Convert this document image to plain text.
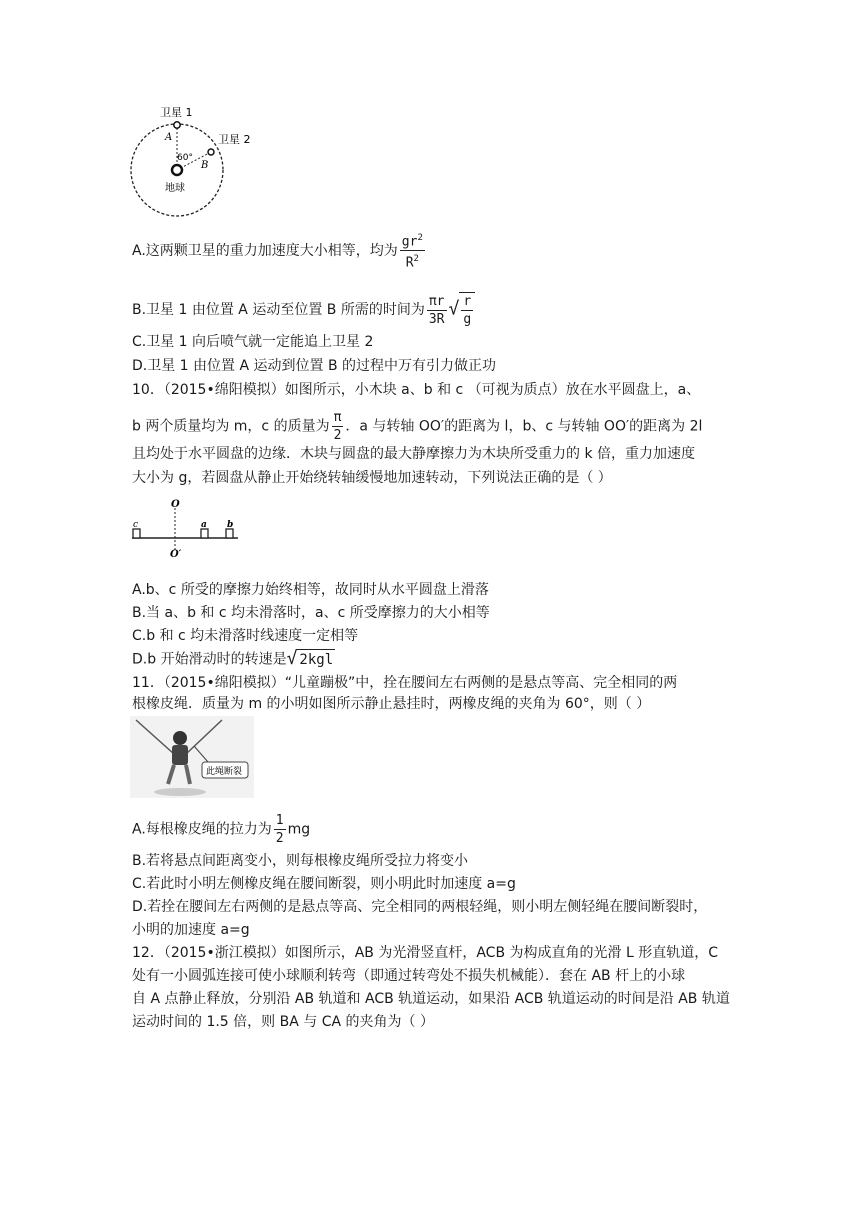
卫星 1
卫星 2
A
B
60°
地球
A.这两颗卫星的重力加速度大小相等，均为 $\frac{gr^2}{R^2}$
B.卫星 1 由位置 A 运动至位置 B 所需的时间为 $\frac{\pi r}{3R}$ √ $\frac{r}{g}$
C.卫星 1 向后喷气就一定能追上卫星 2
D.卫星 1 由位置 A 运动到位置 B 的过程中万有引力做正功
10．（2015•绵阳模拟）如图所示，小木块 a、b 和 c （可视为质点）放在水平圆盘上，a、
b 两个质量均为 m，c 的质量为 $\frac{\pi}{2}$ ．a 与转轴 OO′的距离为 l，b、c 与转轴 OO′的距离为 2l
且均处于水平圆盘的边缘．木块与圆盘的最大静摩擦力为木块所受重力的 k 倍，重力加速度
大小为 g，若圆盘从静止开始绕转轴缓慢地加速转动，下列说法正确的是（ ）
c
O
a b
O′
A.b、c 所受的摩擦力始终相等，故同时从水平圆盘上滑落
B.当 a、b 和 c 均未滑落时，a、c 所受摩擦力的大小相等
C.b 和 c 均未滑落时线速度一定相等
D.b 开始滑动时的转速是√ 2kgl
11．（2015•绵阳模拟）“儿童蹦极”中，拴在腰间左右两侧的是悬点等高、完全相同的两
根橡皮绳．质量为 m 的小明如图所示静止悬挂时，两橡皮绳的夹角为 60°，则（ ）
此绳断裂
A.每根橡皮绳的拉力为 $\frac{1}{2}$ mg
B.若将悬点间距离变小，则每根橡皮绳所受拉力将变小
C.若此时小明左侧橡皮绳在腰间断裂，则小明此时加速度 a=g
D.若拴在腰间左右两侧的是悬点等高、完全相同的两根轻绳，则小明左侧轻绳在腰间断裂时，
小明的加速度 a=g
12．（2015•浙江模拟）如图所示，AB 为光滑竖直杆，ACB 为构成直角的光滑 L 形直轨道，C
处有一小圆弧连接可使小球顺利转弯（即通过转弯处不损失机械能）．套在 AB 杆上的小球
自 A 点静止释放，分别沿 AB 轨道和 ACB 轨道运动，如果沿 ACB 轨道运动的时间是沿 AB 轨道
运动时间的 1.5 倍，则 BA 与 CA 的夹角为（ ）
